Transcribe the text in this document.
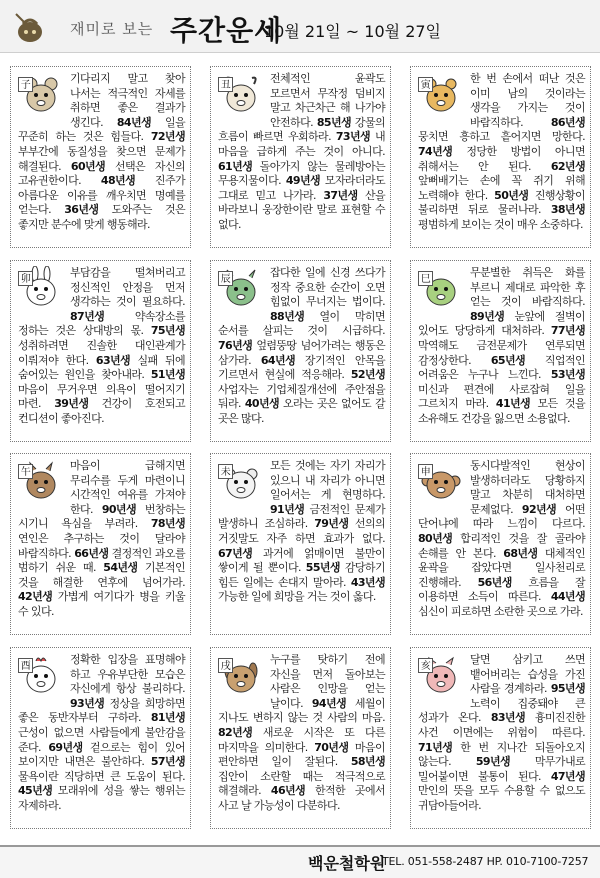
재미로 보는 주간운세
10월 21일 ~ 10월 27일
子
기다리지 말고 찾아 나서는 적극적인 자세를 취하면 좋은 결과가 생긴다. 84년생 일을 꾸준히 하는 것은 힘들다. 72년생 부부간에 동질성을 찾으면 문제가 해결된다. 60년생 선택은 자신의 고유권한이다. 48년생 진주가 아름다운 이유를 깨우치면 명예를 얻는다. 36년생 도와주는 것은 좋지만 분수에 맞게 행동해라.
丑
전체적인 윤곽도 모르면서 무작정 덤비지 말고 차근차근 해 나가야 안전하다. 85년생 강물의 흐름이 빠르면 우회하라. 73년생 내 마음을 급하게 주는 것이 아니다. 61년생 돌아가지 않는 물레방아는 무용지물이다. 49년생 모자라더라도 그대로 믿고 나가라. 37년생 산을 바라보니 웅장한이란 말로 표현할 수 없다.
寅
한 번 손에서 떠난 것은 이미 남의 것이라는 생각을 가지는 것이 바람직하다. 86년생 뭉치면 흥하고 흩어지면 망한다. 74년생 정당한 방법이 아니면 취해서는 안 된다. 62년생 앞뻐배기는 손에 꼭 쥐기 위해 노력해야 한다. 50년생 진행상황이 불리하면 뒤로 물러나라. 38년생 평범하게 보이는 것이 매우 소중하다.
卯
부담감을 떨쳐버리고 정신적인 안정을 먼저 생각하는 것이 필요하다. 87년생 약속장소를 정하는 것은 상대방의 몫. 75년생 성취하려면 진솔한 대인관계가 이뤄져야 한다. 63년생 실패 뒤에 숨어있는 원인을 찾아내라. 51년생 마음이 무거우면 의욕이 떨어지기 마련. 39년생 건강이 호전되고 컨디션이 좋아진다.
辰
잡다한 일에 신경 쓰다가 정작 중요한 순간이 오면 힘없이 무너지는 법이다. 88년생 열이 막히면 순서를 살피는 것이 시급하다. 76년생 엎렴뚱땅 넘어가려는 행동은 삼가라. 64년생 장기적인 안목을 기르면서 현실에 적응해라. 52년생 사업자는 기업체질개선에 주안점을 둬라. 40년생 오라는 곳은 없어도 갈 곳은 많다.
巳
무분별한 취득은 화를 부르니 제대로 파악한 후 얻는 것이 바람직하다. 89년생 눈앞에 절벽이 있어도 당당하게 대처하라. 77년생 막역해도 금전문제가 연루되면 감정상한다. 65년생 직업적인 어려움은 누구나 느낀다. 53년생 미신과 편견에 사로잡혀 일을 그르치지 마라. 41년생 모든 것을 소유해도 건강을 잃으면 소용없다.
午
마음이 급해지면 무리수를 두게 마련이니 시간적인 여유를 가져야 한다. 90년생 번창하는 시기니 욕심을 부려라. 78년생 연인은 추구하는 것이 달라야 바람직하다. 66년생 결정적인 과오를 범하기 쉬운 때. 54년생 기본적인 것을 해결한 연후에 넘어가라. 42년생 가볍게 여기다가 병을 키울 수 있다.
未
모든 것에는 자기 자리가 있으니 내 자리가 아니면 일어서는 게 현명하다. 91년생 금전적인 문제가 발생하니 조심하라. 79년생 선의의 거짓말도 자주 하면 효과가 없다. 67년생 과거에 얽매이면 불만이 쌓이게 될 뿐이다. 55년생 감당하기 힘든 일에는 손대지 말아라. 43년생 가능한 일에 희망을 거는 것이 옳다.
申
동시다발적인 현상이 발생하더라도 당황하지 말고 차분히 대처하면 문제없다. 92년생 어떤 단어냐에 따라 느낌이 다르다. 80년생 합리적인 것을 잘 골라야 손해를 안 본다. 68년생 대체적인 윤곽을 잡았다면 일사천리로 진행해라. 56년생 흐름을 잘 이용하면 소득이 따른다. 44년생 심신이 피로하면 소란한 곳으로 가라.
酉
정확한 입장을 표명해야 하고 우유부단한 모습은 자신에게 항상 불리하다. 93년생 정상을 희망하면 좋은 동반자부터 구하라. 81년생 근성이 없으면 사람들에게 불안감을 준다. 69년생 겉으로는 힘이 있어 보이지만 내면은 불안하다. 57년생 물욕이란 직당하면 큰 도움이 된다. 45년생 모래위에 성을 쌓는 행위는 자제하라.
戌
누구를 탓하기 전에 자신을 먼저 돌아보는 사람은 인망을 얻는 날이다. 94년생 세월이 지나도 변하지 않는 것 사람의 마음. 82년생 새로운 시작은 또 다른 마지막을 의미한다. 70년생 마음이 편안하면 일이 잘된다. 58년생 집안이 소란할 때는 적극적으로 해결해라. 46년생 한적한 곳에서 사고 날 가능성이 다분하다.
亥
달면 삼키고 쓰면 뱉어버리는 습성을 가진 사람을 경계하라. 95년생 노력이 집중돼야 큰 성과가 온다. 83년생 흉미진진한 사건 이면에는 위험이 따른다. 71년생 한 번 지나간 되돌아오지 않는다. 59년생 막무가내로 밀어붙이면 불통이 된다. 47년생 만인의 뜻을 모두 수용할 수 없으도 귀담아들어라.
백운철학원
TEL. 051-558-2487 HP. 010-7100-7257
